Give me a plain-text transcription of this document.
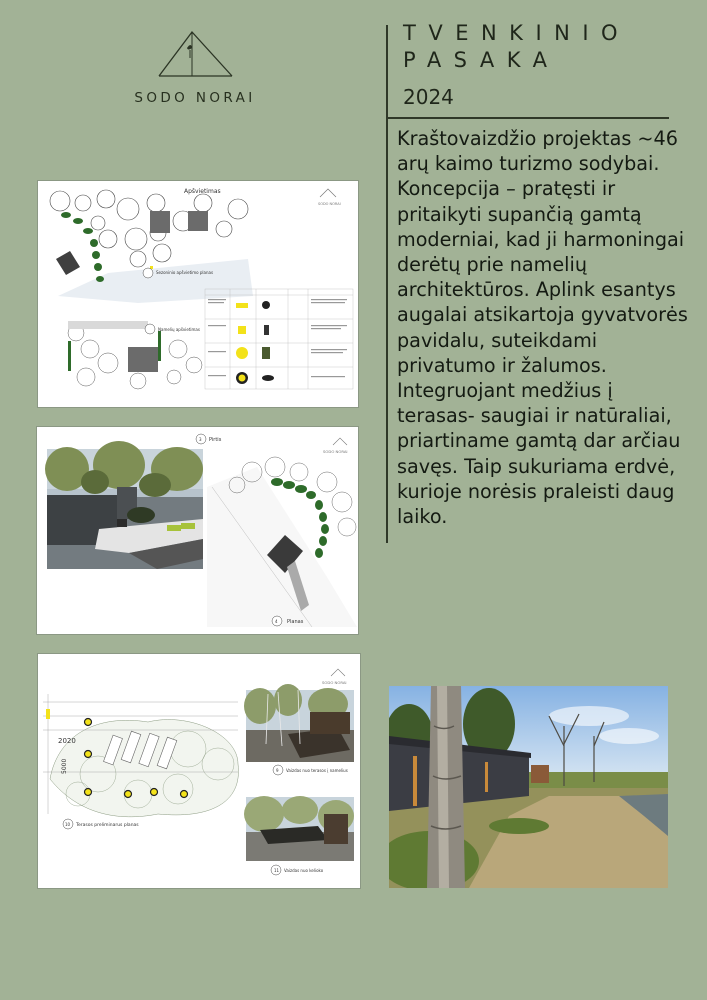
SODO NORAI
TVENKINIO
PASAKA
2024
Kraštovaizdžio projektas ~46 arų kaimo turizmo sodybai. Koncepcija – pratęsti ir pritaikyti supančią gamtą moderniai, kad ji harmoningai derėtų prie namelių architektūros. Aplink esantys augalai atsikartoja gyvatvorės pavidalu, suteikdami privatumo ir žalumos. Integruojant medžius į terasas- saugiai ir natūraliai, priartiname gamtą dar arčiau savęs. Taip sukuriama erdvė, kurioje norėsis praleisti daug laiko.
Apšvietimas
SODO NORAI
Sezoninio apšvietimo planas
Namelių apšvietimas
3 Pirtis
SODO NORAI
4 Planas
SODO NORAI
2020
5000
10 Terasos preliminarus planas
9 Vaizdas nuo terasos į namelius
11 Vaizdas nuo kelioko
